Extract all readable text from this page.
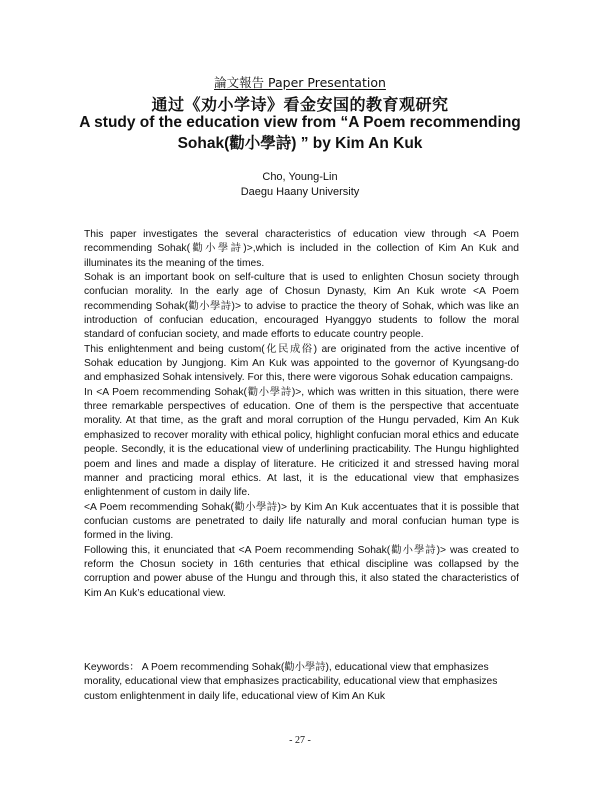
論文報告 Paper Presentation
通过《劝小学诗》看金安国的教育观研究
A study of the education view from “A Poem recommending Sohak(勸小學詩) ” by Kim An Kuk
Cho, Young-Lin
Daegu Haany University

This paper investigates the several characteristics of education view through <A Poem recommending Sohak(勸小學詩)>,which is included in the collection of Kim An Kuk and illuminates its the meaning of the times.

Sohak is an important book on self-culture that is used to enlighten Chosun society through confucian morality. In the early age of Chosun Dynasty, Kim An Kuk wrote <A Poem recommending Sohak(勸小學詩)> to advise to practice the theory of Sohak, which was like an introduction of confucian education, encouraged Hyanggyo students to follow the moral standard of confucian society, and made efforts to educate country people.

This enlightenment and being custom(化民成俗) are originated from the active incentive of Sohak education by Jungjong. Kim An Kuk was appointed to the governor of Kyungsang-do and emphasized Sohak intensively. For this, there were vigorous Sohak education campaigns.

In <A Poem recommending Sohak(勸小學詩)>, which was written in this situation, there were three remarkable perspectives of education. One of them is the perspective that accentuate morality. At that time, as the graft and moral corruption of the Hungu pervaded, Kim An Kuk emphasized to recover morality with ethical policy, highlight confucian moral ethics and educate people. Secondly, it is the educational view of underlining practicability. The Hungu highlighted poem and lines and made a display of literature. He criticized it and stressed having moral manner and practicing moral ethics. At last, it is the educational view that emphasizes enlightenment of custom in daily life.

<A Poem recommending Sohak(勸小學詩)> by Kim An Kuk accentuates that it is possible that confucian customs are penetrated to daily life naturally and moral confucian human type is formed in the living.

Following this, it enunciated that <A Poem recommending Sohak(勸小學詩)> was created to reform the Chosun society in 16th centuries that ethical discipline was collapsed by the corruption and power abuse of the Hungu and through this, it also stated the characteristics of Kim An Kuk’s educational view.

Keywords： A Poem recommending Sohak(勸小學詩), educational view that emphasizes morality, educational view that emphasizes practicability, educational view that emphasizes custom enlightenment in daily life, educational view of Kim An Kuk
- 27 -
